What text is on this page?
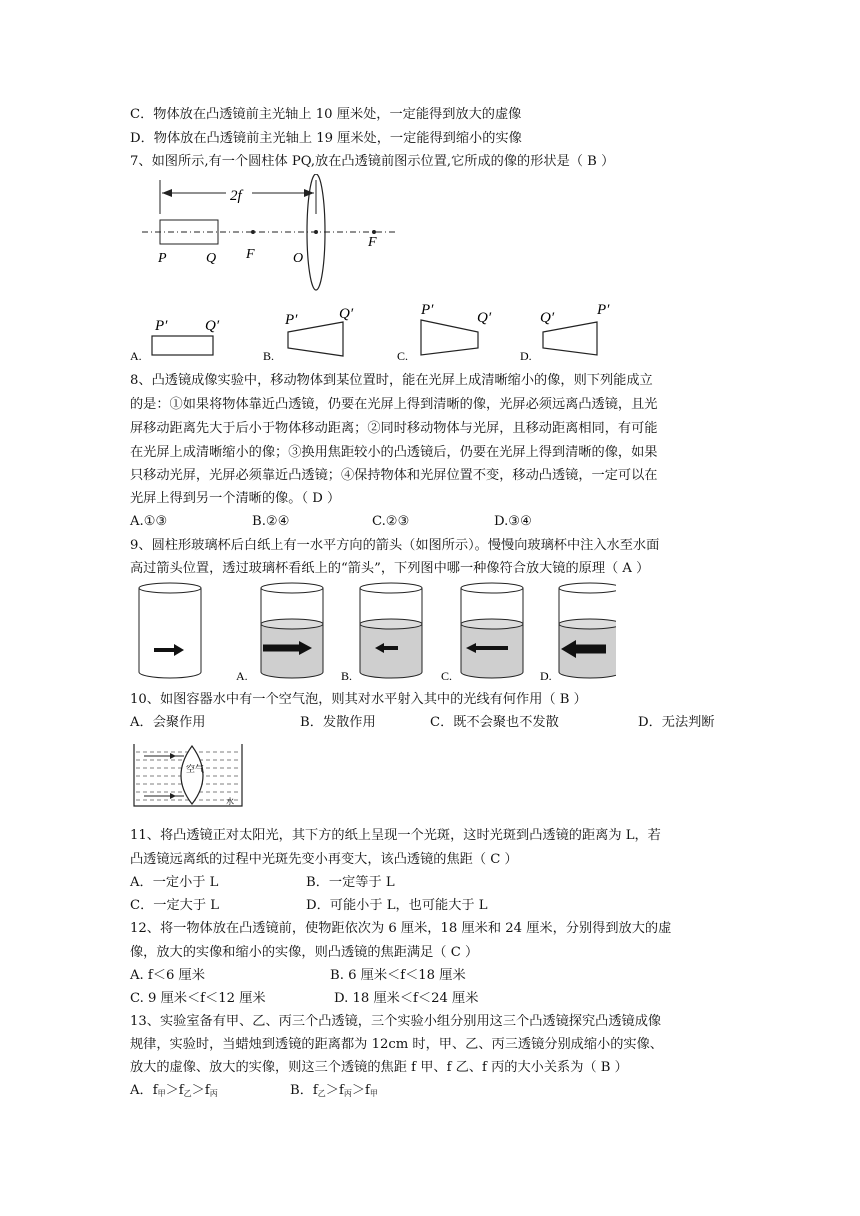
C．物体放在凸透镜前主光轴上 10 厘米处，一定能得到放大的虚像
D．物体放在凸透镜前主光轴上 19 厘米处，一定能得到缩小的实像
7、如图所示,有一个圆柱体 PQ,放在凸透镜前图示位置,它所成的像的形状是（ B ）
2f
P	Q F	O
F
A.
P′	Q′
B.
P′	Q′
C.
P′	Q′
D.
Q′	P′
8、凸透镜成像实验中，移动物体到某位置时，能在光屏上成清晰缩小的像，则下列能成立
的是：①如果将物体靠近凸透镜，仍要在光屏上得到清晰的像，光屏必须远离凸透镜，且光
屏移动距离先大于后小于物体移动距离；②同时移动物体与光屏，且移动距离相同，有可能
在光屏上成清晰缩小的像；③换用焦距较小的凸透镜后，仍要在光屏上得到清晰的像，如果
只移动光屏，光屏必须靠近凸透镜；④保持物体和光屏位置不变，移动凸透镜，一定可以在
光屏上得到另一个清晰的像。（ D ）
A.①③	B.②④	C.②③	D.③④
9、圆柱形玻璃杯后白纸上有一水平方向的箭头（如图所示）。慢慢向玻璃杯中注入水至水面
高过箭头位置，透过玻璃杯看纸上的“箭头”，下列图中哪一种像符合放大镜的原理（ A ）
A.	B.	C.	D.
10、如图容器水中有一个空气泡，则其对水平射入其中的光线有何作用（ B ）
A．会聚作用	B．发散作用	C．既不会聚也不发散	D．无法判断
空气
水
11、将凸透镜正对太阳光，其下方的纸上呈现一个光斑，这时光斑到凸透镜的距离为 L，若
凸透镜远离纸的过程中光斑先变小再变大，该凸透镜的焦距（ C ）
A．一定小于 L	B．一定等于 L
C．一定大于 L	D．可能小于 L，也可能大于 L
12、将一物体放在凸透镜前，使物距依次为 6 厘米，18 厘米和 24 厘米，分别得到放大的虚
像，放大的实像和缩小的实像，则凸透镜的焦距满足（ C ）
A. f＜6 厘米	B. 6 厘米＜f＜18 厘米
C. 9 厘米＜f＜12 厘米	D. 18 厘米＜f＜24 厘米
13、实验室备有甲、乙、丙三个凸透镜，三个实验小组分别用这三个凸透镜探究凸透镜成像
规律，实验时，当蜡烛到透镜的距离都为 12cm 时，甲、乙、丙三透镜分别成缩小的实像、
放大的虚像、放大的实像，则这三个透镜的焦距 f 甲、f 乙、f 丙的大小关系为（ B ）
A．$f_甲>f_乙>f_丙$	B．$f_乙>f_丙>f_甲$
